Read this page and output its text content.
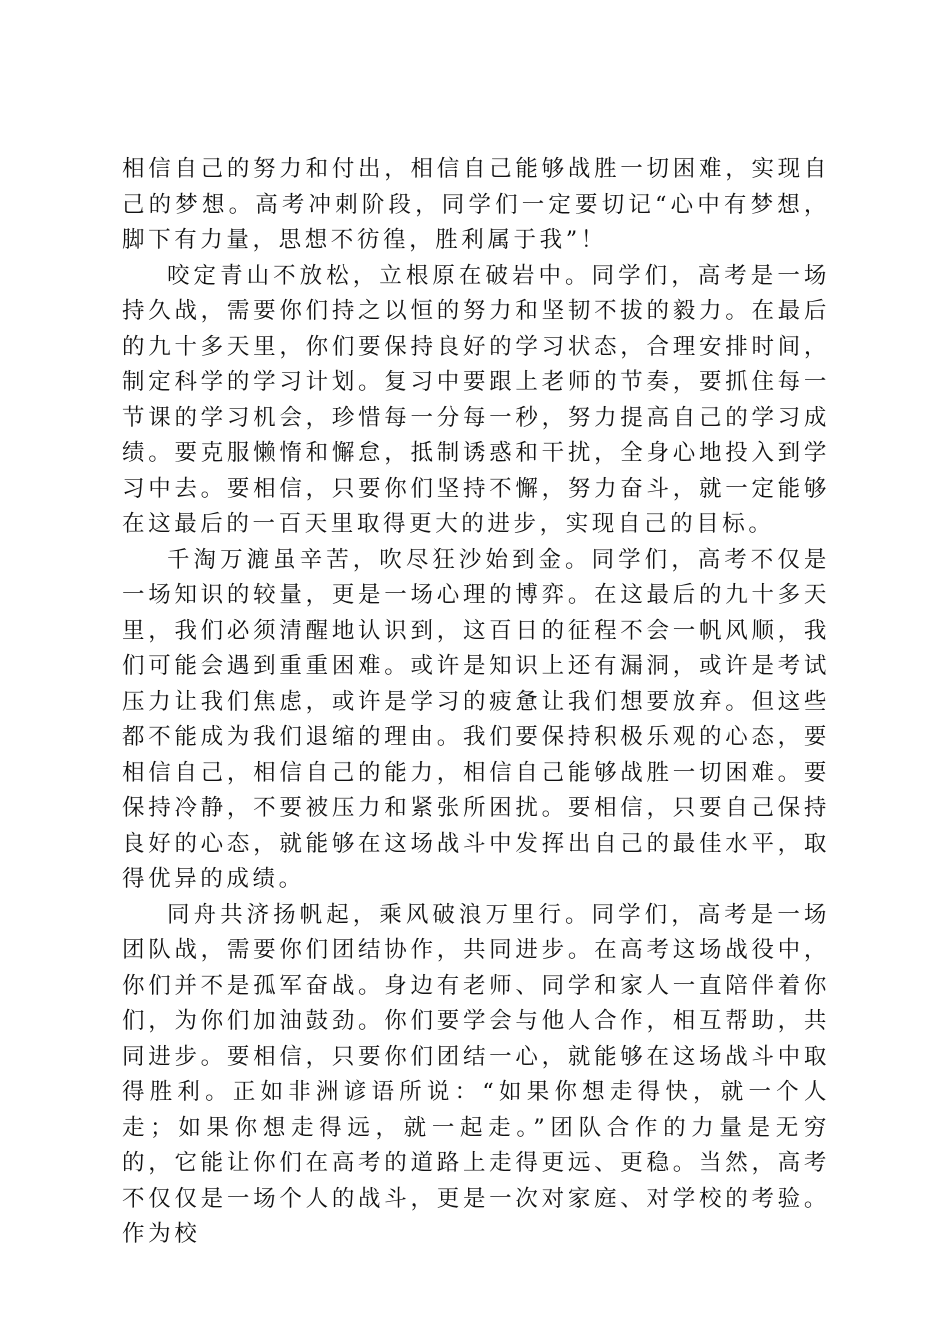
相信自己的努力和付出，相信自己能够战胜一切困难，实现自己的梦想。高考冲刺阶段，同学们一定要切记“心中有梦想，脚下有力量，思想不彷徨，胜利属于我”！

咬定青山不放松，立根原在破岩中。同学们，高考是一场持久战，需要你们持之以恒的努力和坚韧不拔的毅力。在最后的九十多天里，你们要保持良好的学习状态，合理安排时间，制定科学的学习计划。复习中要跟上老师的节奏，要抓住每一节课的学习机会，珍惜每一分每一秒，努力提高自己的学习成绩。要克服懒惰和懈怠，抵制诱惑和干扰，全身心地投入到学习中去。要相信，只要你们坚持不懈，努力奋斗，就一定能够在这最后的一百天里取得更大的进步，实现自己的目标。

千淘万漉虽辛苦，吹尽狂沙始到金。同学们，高考不仅是一场知识的较量，更是一场心理的博弈。在这最后的九十多天里，我们必须清醒地认识到，这百日的征程不会一帆风顺，我们可能会遇到重重困难。或许是知识上还有漏洞，或许是考试压力让我们焦虑，或许是学习的疲惫让我们想要放弃。但这些都不能成为我们退缩的理由。我们要保持积极乐观的心态，要相信自己，相信自己的能力，相信自己能够战胜一切困难。要保持冷静，不要被压力和紧张所困扰。要相信，只要自己保持良好的心态，就能够在这场战斗中发挥出自己的最佳水平，取得优异的成绩。

同舟共济扬帆起，乘风破浪万里行。同学们，高考是一场团队战，需要你们团结协作，共同进步。在高考这场战役中，你们并不是孤军奋战。身边有老师、同学和家人一直陪伴着你们，为你们加油鼓劲。你们要学会与他人合作，相互帮助，共同进步。要相信，只要你们团结一心，就能够在这场战斗中取得胜利。正如非洲谚语所说：“如果你想走得快，就一个人走；如果你想走得远，就一起走。”团队合作的力量是无穷的，它能让你们在高考的道路上走得更远、更稳。当然，高考不仅仅是一场个人的战斗，更是一次对家庭、对学校的考验。作为校
